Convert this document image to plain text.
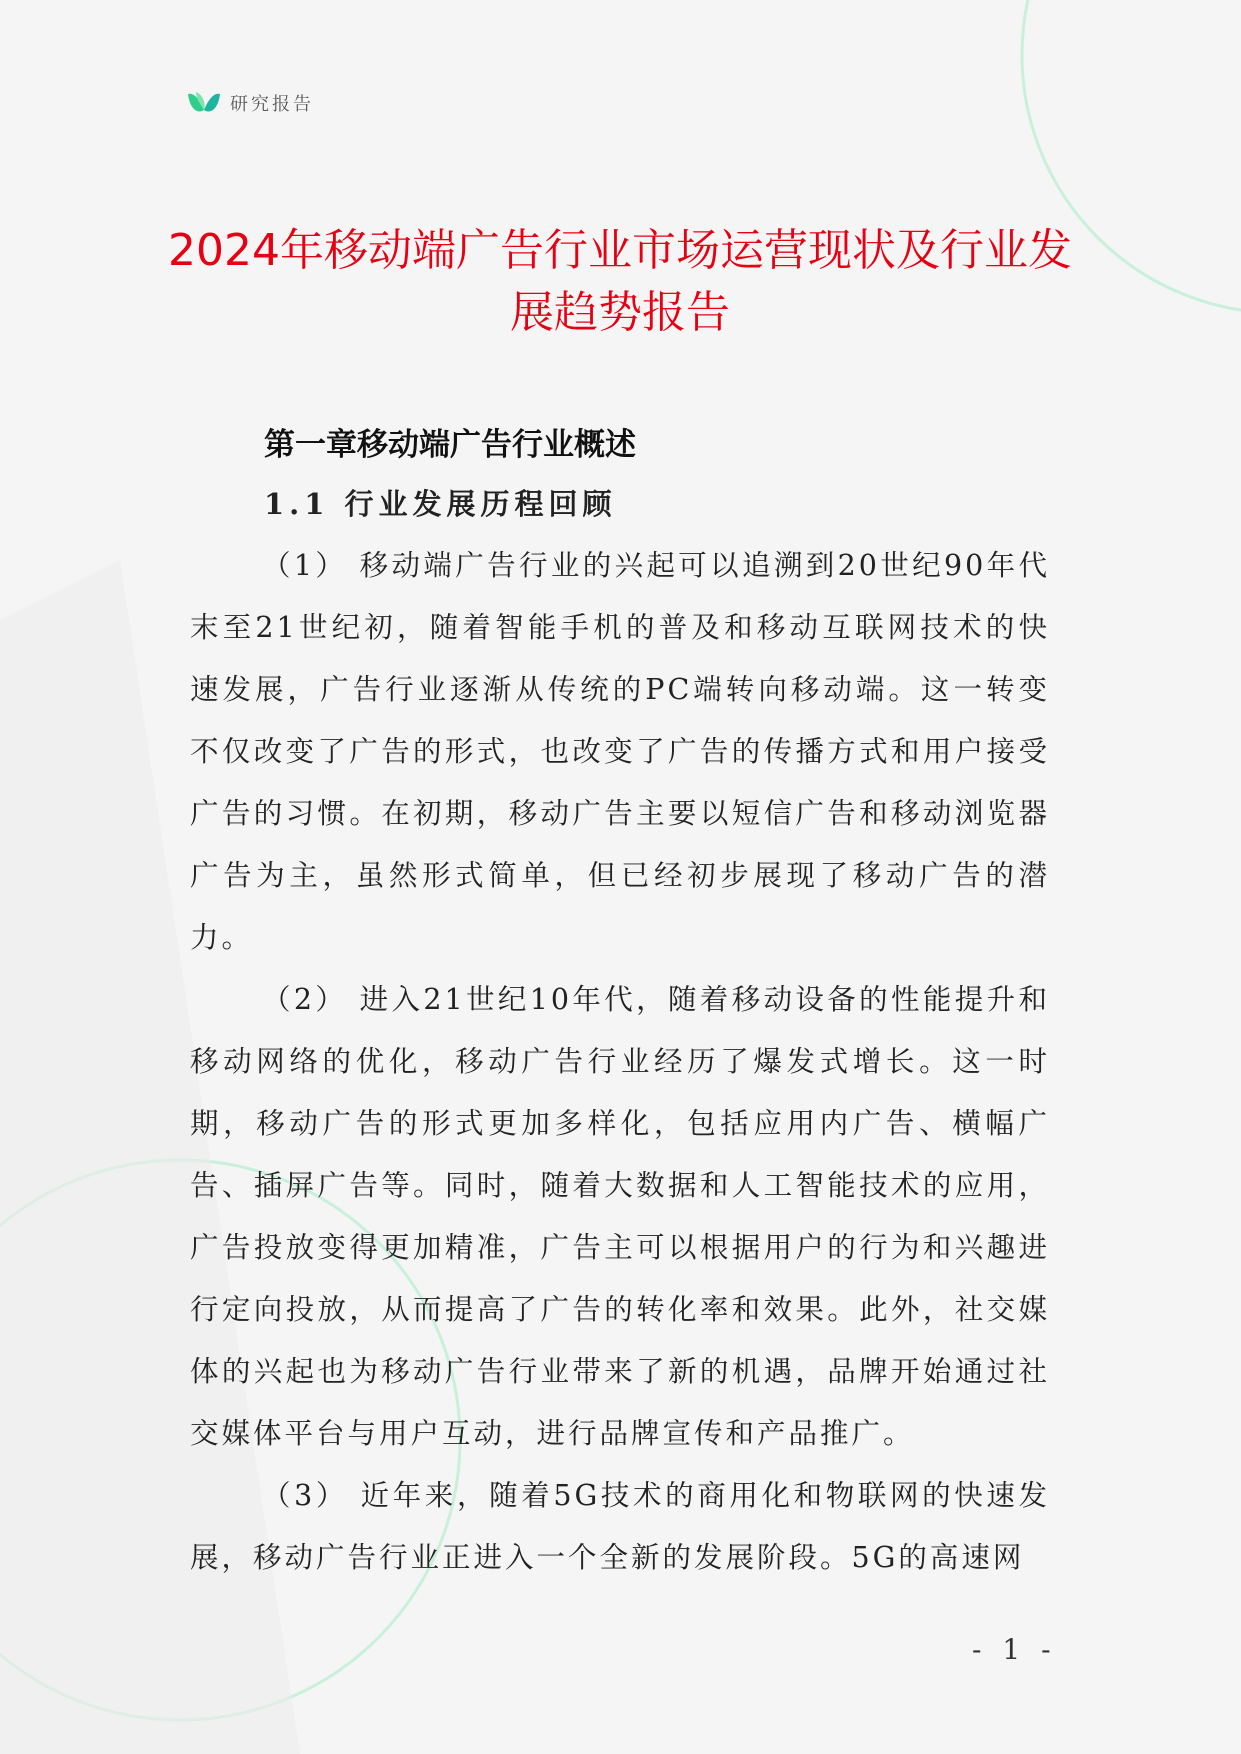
研究报告
2024年移动端广告行业市场运营现状及行业发展趋势报告
第一章移动端广告行业概述
1.1 行业发展历程回顾

（1） 移动端广告行业的兴起可以追溯到20世纪90年代末至21世纪初，随着智能手机的普及和移动互联网技术的快速发展，广告行业逐渐从传统的PC端转向移动端。这一转变不仅改变了广告的形式，也改变了广告的传播方式和用户接受广告的习惯。在初期，移动广告主要以短信广告和移动浏览器广告为主，虽然形式简单，但已经初步展现了移动广告的潜力。

（2） 进入21世纪10年代，随着移动设备的性能提升和移动网络的优化，移动广告行业经历了爆发式增长。这一时期，移动广告的形式更加多样化，包括应用内广告、横幅广告、插屏广告等。同时，随着大数据和人工智能技术的应用，广告投放变得更加精准，广告主可以根据用户的行为和兴趣进行定向投放，从而提高了广告的转化率和效果。此外，社交媒体的兴起也为移动广告行业带来了新的机遇，品牌开始通过社交媒体平台与用户互动，进行品牌宣传和产品推广。

（3） 近年来，随着5G技术的商用化和物联网的快速发展，移动广告行业正进入一个全新的发展阶段。5G的高速网

- 1 -
